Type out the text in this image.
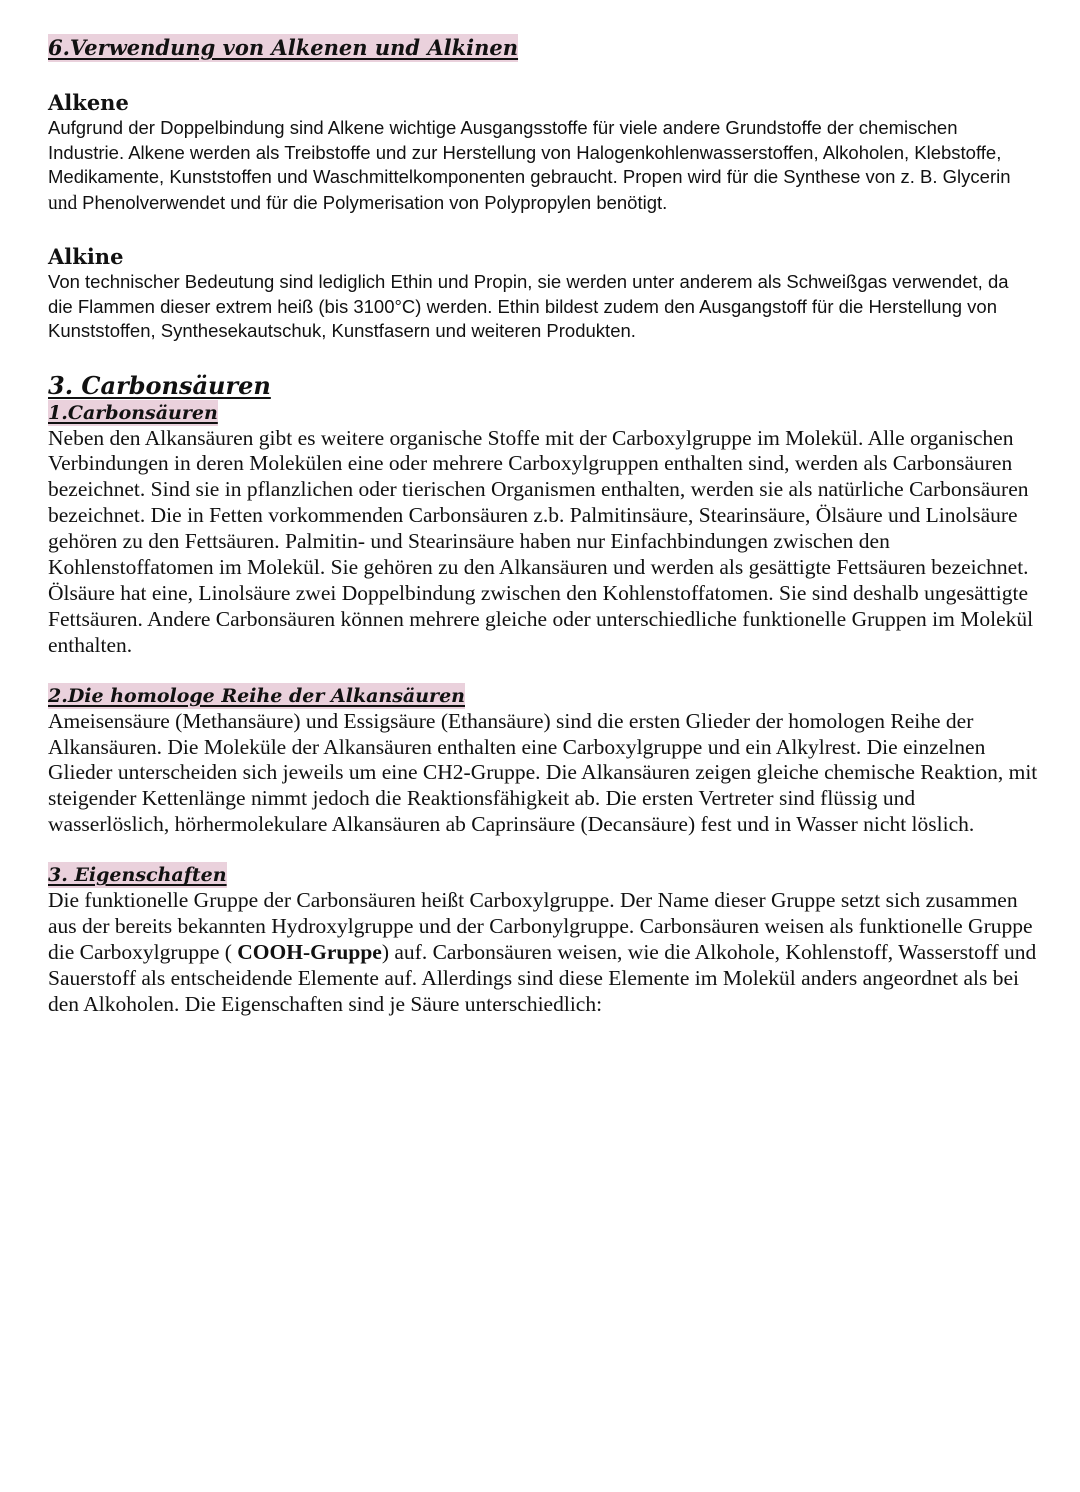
6.Verwendung von Alkenen und Alkinen
Alkene

Aufgrund der Doppelbindung sind Alkene wichtige Ausgangsstoffe für viele andere Grundstoffe der chemischen Industrie. Alkene werden als Treibstoffe und zur Herstellung von Halogenkohlenwasserstoffen, Alkoholen, Klebstoffe, Medikamente, Kunststoffen und Waschmittelkomponenten gebraucht. Propen wird für die Synthese von z. B. Glycerin und Phenolverwendet und für die Polymerisation von Polypropylen benötigt.

Alkine

Von technischer Bedeutung sind lediglich Ethin und Propin, sie werden unter anderem als Schweißgas verwendet, da die Flammen dieser extrem heiß (bis 3100°C) werden. Ethin bildest zudem den Ausgangstoff für die Herstellung von Kunststoffen, Synthesekautschuk, Kunstfasern und weiteren Produkten.

3. Carbonsäuren
1.Carbonsäuren

Neben den Alkansäuren gibt es weitere organische Stoffe mit der Carboxylgruppe im Molekül. Alle organischen Verbindungen in deren Molekülen eine oder mehrere Carboxylgruppen enthalten sind, werden als Carbonsäuren bezeichnet. Sind sie in pflanzlichen oder tierischen Organismen enthalten, werden sie als natürliche Carbonsäuren bezeichnet. Die in Fetten vorkommenden Carbonsäuren z.b. Palmitinsäure, Stearinsäure, Ölsäure und Linolsäure gehören zu den Fettsäuren. Palmitin- und Stearinsäure haben nur Einfachbindungen zwischen den Kohlenstoffatomen im Molekül. Sie gehören zu den Alkansäuren und werden als gesättigte Fettsäuren bezeichnet. Ölsäure hat eine, Linolsäure zwei Doppelbindung zwischen den Kohlenstoffatomen. Sie sind deshalb ungesättigte Fettsäuren. Andere Carbonsäuren können mehrere gleiche oder unterschiedliche funktionelle Gruppen im Molekül enthalten.

2.Die homologe Reihe der Alkansäuren

Ameisensäure (Methansäure) und Essigsäure (Ethansäure) sind die ersten Glieder der homologen Reihe der Alkansäuren. Die Moleküle der Alkansäuren enthalten eine Carboxylgruppe und ein Alkylrest. Die einzelnen Glieder unterscheiden sich jeweils um eine CH2-Gruppe. Die Alkansäuren zeigen gleiche chemische Reaktion, mit steigender Kettenlänge nimmt jedoch die Reaktionsfähigkeit ab. Die ersten Vertreter sind flüssig und wasserlöslich, hörhermolekulare Alkansäuren ab Caprinsäure (Decansäure) fest und in Wasser nicht löslich.

3. Eigenschaften

Die funktionelle Gruppe der Carbonsäuren heißt Carboxylgruppe. Der Name dieser Gruppe setzt sich zusammen aus der bereits bekannten Hydroxylgruppe und der Carbonylgruppe. Carbonsäuren weisen als funktionelle Gruppe die Carboxylgruppe ( COOH-Gruppe) auf. Carbonsäuren weisen, wie die Alkohole, Kohlenstoff, Wasserstoff und Sauerstoff als entscheidende Elemente auf. Allerdings sind diese Elemente im Molekül anders angeordnet als bei den Alkoholen. Die Eigenschaften sind je Säure unterschiedlich:
